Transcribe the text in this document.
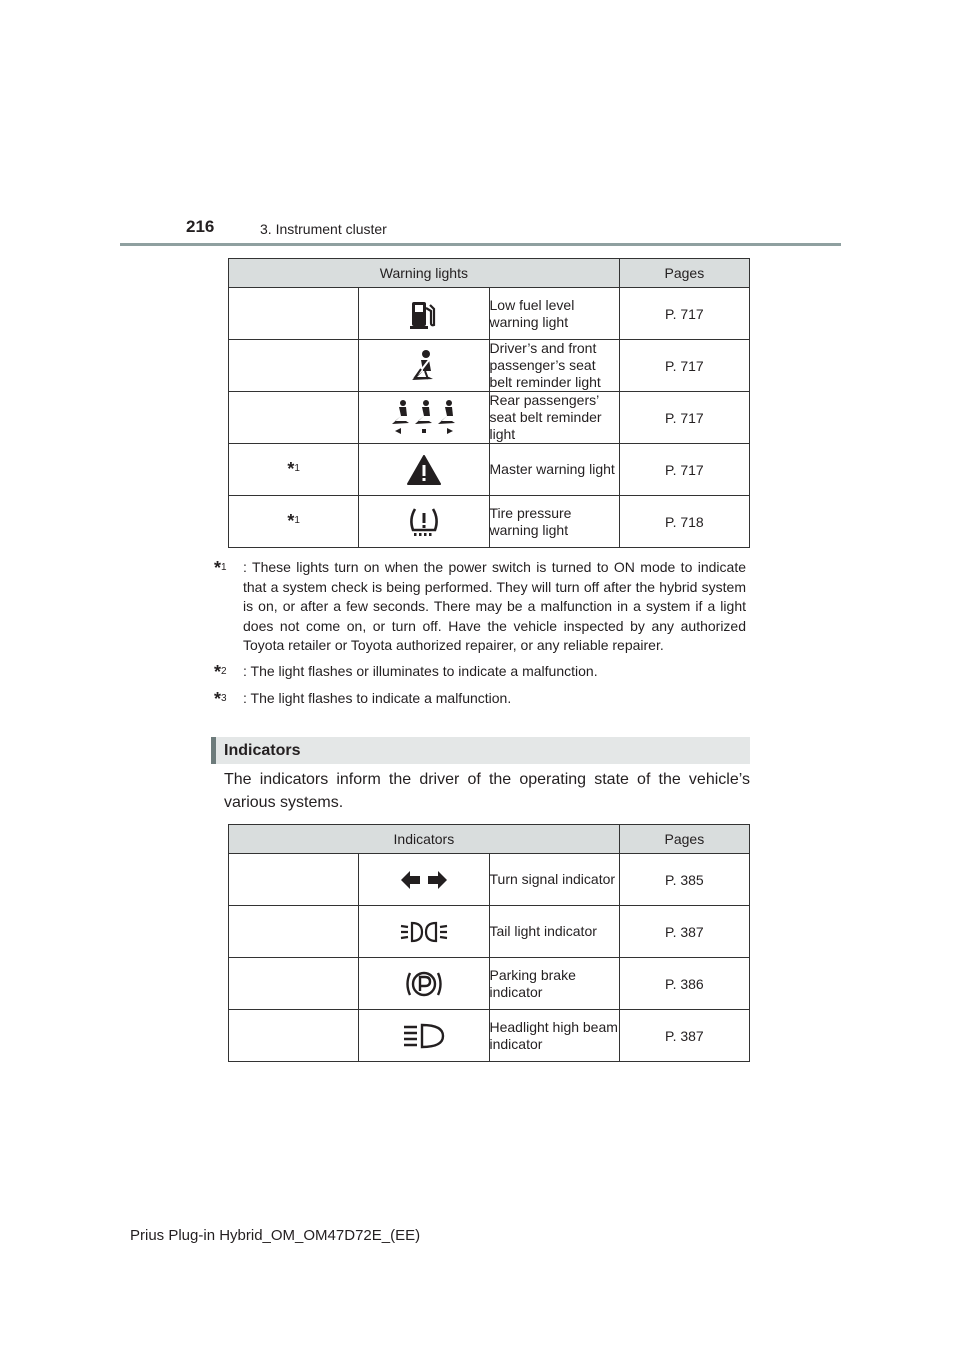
216	3. Instrument cluster
Warning lights			Pages

	Low fuel level warning light	P. 717

	Driver’s and front passenger’s seat belt reminder light	P. 717

	Rear passengers’ seat belt reminder light	P. 717
*$^1$		Master warning light	P. 717
*$^1$		Tire pressure warning light	P. 718
*$^1$	: These lights turn on when the power switch is turned to ON mode to indicate that a system check is being performed. They will turn off after the hybrid system is on, or after a few seconds. There may be a malfunction in a system if a light does not come on, or turn off. Have the vehicle inspected by any authorized Toyota retailer or Toyota authorized repairer, or any reliable repairer.
*$^2$	: The light flashes or illuminates to indicate a malfunction.
*$^3$	: The light flashes to indicate a malfunction.
Indicators
The indicators inform the driver of the operating state of the vehicle’s various systems.
Indicators			Pages

	Turn signal indicator	P. 385

	Tail light indicator	P. 387

	Parking brake indicator	P. 386

	Headlight high beam indicator	P. 387
Prius Plug-in Hybrid_OM_OM47D72E_(EE)
